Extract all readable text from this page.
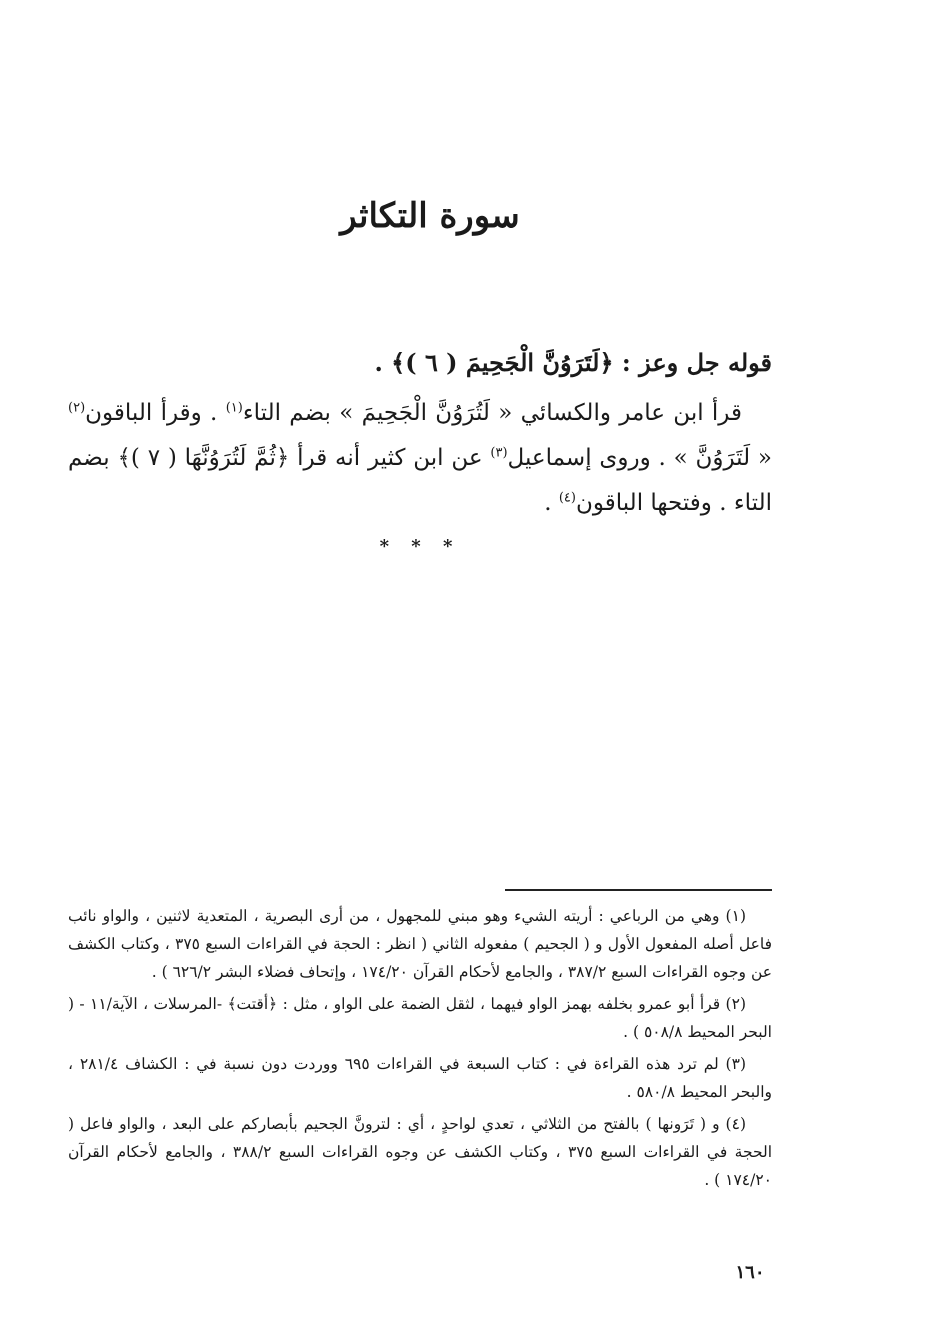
سورة التكاثر

قوله جل وعز : ﴿لَتَرَوُنَّ الْجَحِيمَ ( ٦ )﴾ .

قرأ ابن عامر والكسائي « لَتُرَوُنَّ الْجَحِيمَ » بضم التاء$^{(١)}$ . وقرأ الباقون$^{(٢)}$ « لَتَرَوُنَّ » . وروى إسماعيل$^{(٣)}$ عن ابن كثير أنه قرأ ﴿ثُمَّ لَتُرَوُنَّهَا ( ٧ )﴾ بضم التاء . وفتحها الباقون$^{(٤)}$ .

* * *

(١) وهي من الرباعي : أريته الشيء وهو مبني للمجهول ، من أرى البصرية ، المتعدية لاثنين ، والواو نائب فاعل أصله المفعول الأول و ( الجحيم ) مفعوله الثاني ( انظر : الحجة في القراءات السبع ٣٧٥ ، وكتاب الكشف عن وجوه القراءات السبع ٣٨٧/٢ ، والجامع لأحكام القرآن ١٧٤/٢٠ ، وإتحاف فضلاء البشر ٦٢٦/٢ ) .

(٢) قرأ أبو عمرو بخلفه بهمز الواو فيهما ، لثقل الضمة على الواو ، مثل : ﴿أقتت﴾ -المرسلات ، الآية/١١ - ( البحر المحيط ٥٠٨/٨ ) .

(٣) لم ترد هذه القراءة في : كتاب السبعة في القراءات ٦٩٥ ووردت دون نسبة في : الكشاف ٢٨١/٤ ، والبحر المحيط ٥٨٠/٨ .

(٤) و ( تَرَونها ) بالفتح من الثلاثي ، تعدي لواحدٍ ، أي : لترونَّ الجحيم بأبصاركم على البعد ، والواو فاعل ( الحجة في القراءات السبع ٣٧٥ ، وكتاب الكشف عن وجوه القراءات السبع ٣٨٨/٢ ، والجامع لأحكام القرآن ١٧٤/٢٠ ) .

١٦٠
